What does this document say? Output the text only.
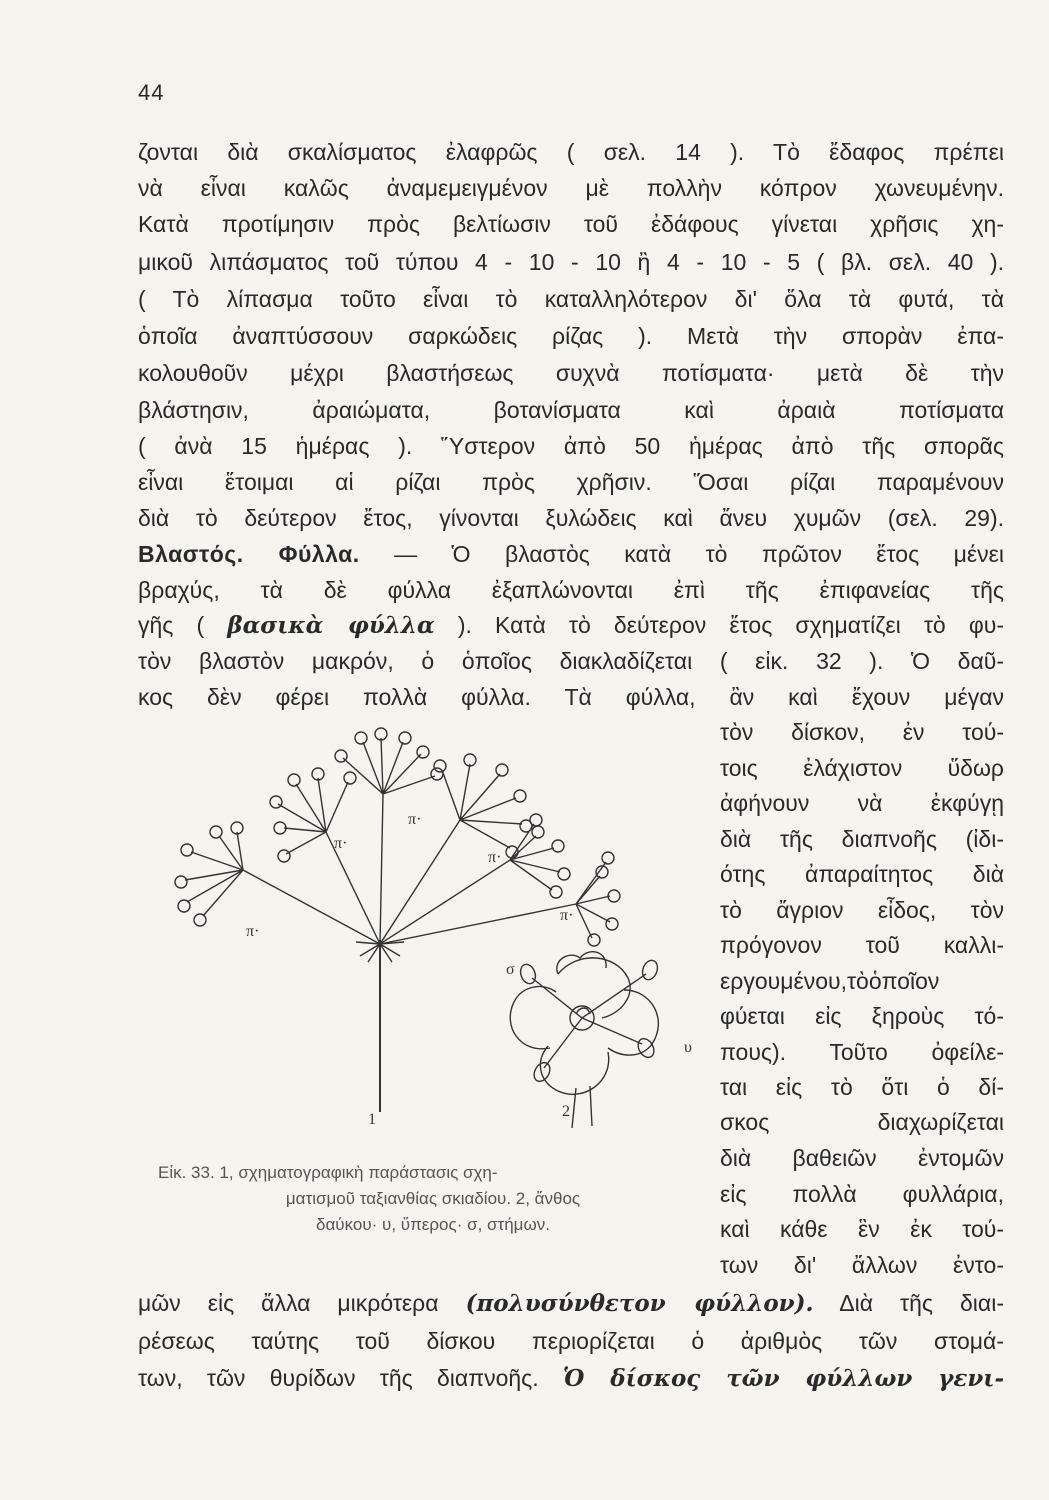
44
ζονται διὰ σκαλίσματος ἐλαφρῶς ( σελ. 14 ). Τὸ ἔδαφος πρέπει
νὰ εἶναι καλῶς ἀναμεμειγμένον μὲ πολλὴν κόπρον χωνευμένην.
Κατὰ προτίμησιν πρὸς βελτίωσιν τοῦ ἐδάφους γίνεται χρῆσις χη-
μικοῦ λιπάσματος τοῦ τύπου 4 - 10 - 10 ἢ 4 - 10 - 5 ( βλ. σελ. 40 ).
( Τὸ λίπασμα τοῦτο εἶναι τὸ καταλληλότερον δι' ὅλα τὰ φυτά, τὰ
ὁποῖα ἀναπτύσσουν σαρκώδεις ρίζας ). Μετὰ τὴν σπορὰν ἐπα-
κολουθοῦν μέχρι βλαστήσεως συχνὰ ποτίσματα· μετὰ δὲ τὴν
βλάστησιν, ἀραιώματα, βοτανίσματα καὶ ἀραιὰ ποτίσματα
( ἀνὰ 15 ἡμέρας ). Ὕστερον ἀπὸ 50 ἡμέρας ἀπὸ τῆς σπορᾶς
εἶναι ἕτοιμαι αἱ ρίζαι πρὸς χρῆσιν. Ὅσαι ρίζαι παραμένουν
διὰ τὸ δεύτερον ἔτος, γίνονται ξυλώδεις καὶ ἄνευ χυμῶν (σελ. 29).
Βλαστός. Φύλλα. — Ὁ βλαστὸς κατὰ τὸ πρῶτον ἔτος μένει
βραχύς, τὰ δὲ φύλλα ἐξαπλώνονται ἐπὶ τῆς ἐπιφανείας τῆς
γῆς ( βασικὰ φύλλα ). Κατὰ τὸ δεύτερον ἔτος σχηματίζει τὸ φυ-
τὸν βλαστὸν μακρόν, ὁ ὁποῖος διακλαδίζεται ( εἰκ. 32 ). Ὁ δαῦ-
κος δὲν φέρει πολλὰ φύλλα. Τὰ φύλλα, ἂν καὶ ἔχουν μέγαν
τὸν δίσκον, ἐν τού-
τοις ἐλάχιστον ὕδωρ
ἀφήνουν νὰ ἐκφύγῃ
διὰ τῆς διαπνοῆς (ἰδι-
ότης ἀπαραίτητος διὰ
τὸ ἄγριον εἶδος, τὸν
πρόγονον τοῦ καλλι-
εργουμένου,τὸὁποῖον
φύεται εἰς ξηροὺς τό-
πους). Τοῦτο ὀφείλε-
ται εἰς τὸ ὅτι ὁ δί-
σκος διαχωρίζεται
διὰ βαθειῶν ἐντομῶν
εἰς πολλὰ φυλλάρια,
καὶ κάθε ἓν ἐκ τού-
των δι' ἄλλων ἐντο-
μῶν εἰς ἄλλα μικρότερα (πολυσύνθετον φύλλον). Διὰ τῆς διαι-
ρέσεως ταύτης τοῦ δίσκου περιορίζεται ὁ ἀριθμὸς τῶν στομά-
των, τῶν θυρίδων τῆς διαπνοῆς. Ὁ δίσκος τῶν φύλλων γενι-
π·
π·
π·
π·
π·
1
σ
υ
2
Εἰκ. 33. 1, σχηματογραφικὴ παράστασις σχη-
ματισμοῦ ταξιανθίας σκιαδίου. 2, ἄνθος
δαύκου· υ, ὕπερος· σ, στήμων.
